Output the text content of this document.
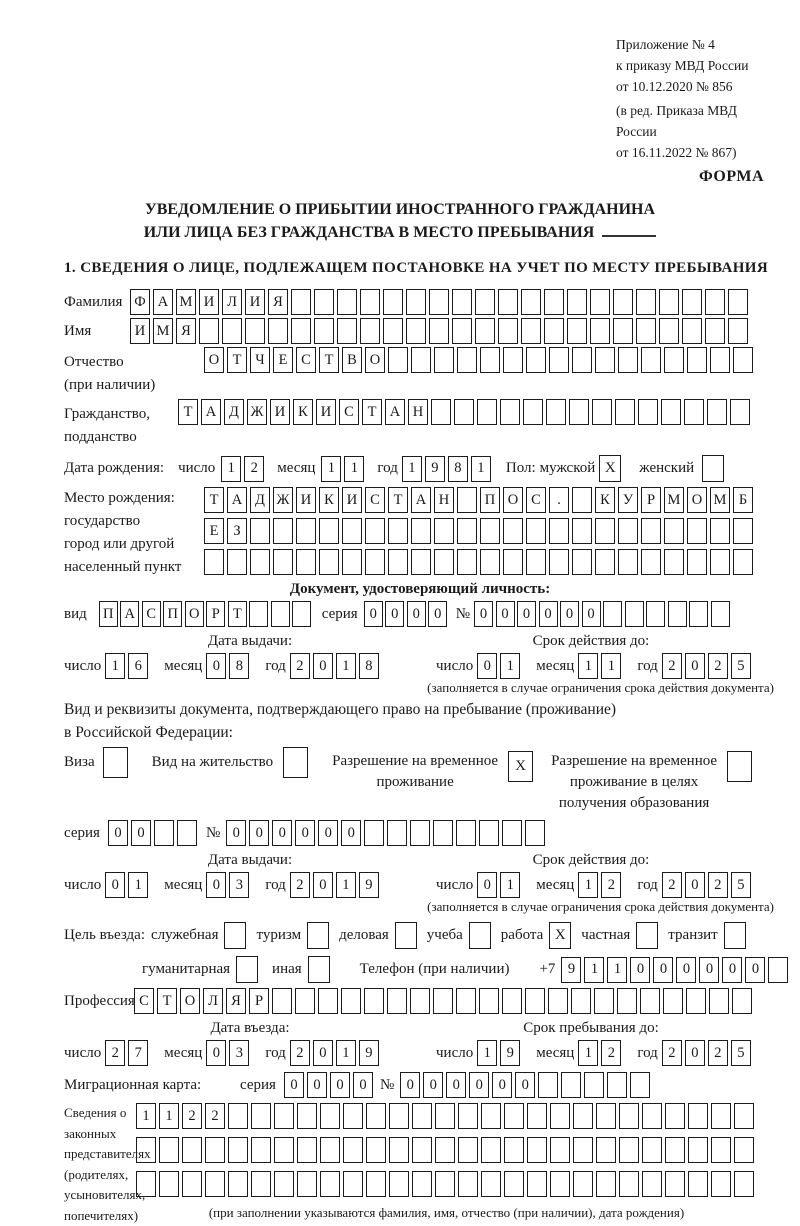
Приложение № 4
к приказу МВД России
от 10.12.2020 № 856
(в ред. Приказа МВД России
от 16.11.2022 № 867)
ФОРМА
УВЕДОМЛЕНИЕ О ПРИБЫТИИ ИНОСТРАННОГО ГРАЖДАНИНА
ИЛИ ЛИЦА БЕЗ ГРАЖДАНСТВА В МЕСТО ПРЕБЫВАНИЯ
1. СВЕДЕНИЯ О ЛИЦЕ, ПОДЛЕЖАЩЕМ ПОСТАНОВКЕ НА УЧЕТ ПО МЕСТУ ПРЕБЫВАНИЯ
Фамилия Ф А М И Л И Я
Имя	И М Я
Отчество
(при наличии)
О Т Ч Е С Т В О
Гражданство,
подданство
Т А Д Ж И К И С Т А Н
Дата рождения: число 1	2	месяц 1	1	год 1	9	8	1	Пол: мужской X	женский
Место рождения:
государство
город или другой
населенный пункт
Т А Д Ж И К И С Т А Н	П О С	.	К У Р М О М Б
Е	З
Документ, удостоверяющий личность:
вид П А С П О Р Т	серия 0 0 0 0 № 0 0 0 0 0 0
Дата выдачи:
число 1	6	месяц 0	8	год 2	0	1	8
Срок действия до:
число 0	1	месяц 1	1	год 2	0	2	5
(заполняется в случае ограничения срока действия документа)
Вид и реквизиты документа, подтверждающего право на пребывание (проживание)
в Российской Федерации:
Виза	Вид на жительство	Разрешение на временное
проживание
X	Разрешение на временное
проживание в целях
получения образования
серия 0	0	№ 0	0	0	0	0	0
Дата выдачи:
число 0	1	месяц 0	3	год 2	0	1	9
Срок действия до:
число 0	1	месяц 1	2	год 2	0	2	5
(заполняется в случае ограничения срока действия документа)
Цель въезда: служебная	туризм	деловая	учеба	работа X	частная	транзит
гуманитарная	иная	Телефон (при наличии) +7 9	1	1	0	0	0	0	0	0
Профессия С Т О Л Я Р
Дата въезда:
число 2	7	месяц 0	3	год 2	0	1	9
Срок пребывания до:
число 1	9	месяц 1	2	год 2	0	2	5
Миграционная карта:	серия 0	0	0	0 № 0	0	0	0	0	0
Сведения о
законных
представителях
(родителях,
усыновителях,
попечителях)
1	1	2	2
(при заполнении указываются фамилия, имя, отчество (при наличии), дата рождения)
